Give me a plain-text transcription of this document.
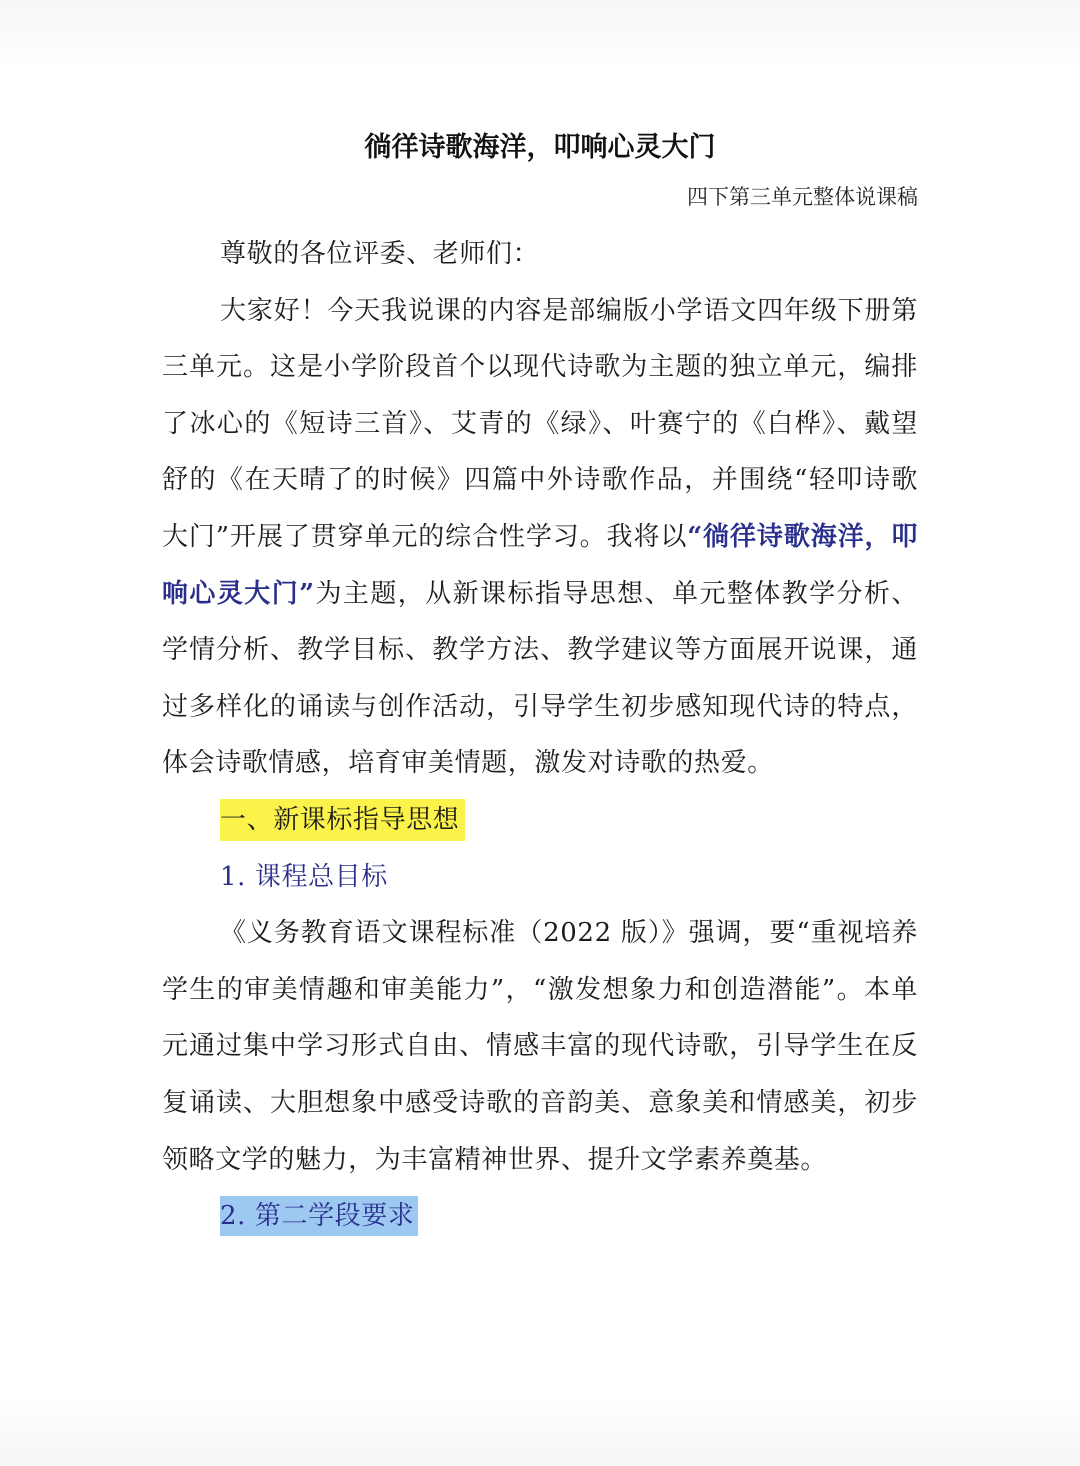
徜徉诗歌海洋，叩响心灵大门
四下第三单元整体说课稿

尊敬的各位评委、老师们：

大家好！今天我说课的内容是部编版小学语文四年级下册第三单元。这是小学阶段首个以现代诗歌为主题的独立单元，编排了冰心的《短诗三首》、艾青的《绿》、叶赛宁的《白桦》、戴望舒的《在天晴了的时候》四篇中外诗歌作品，并围绕“轻叩诗歌大门”开展了贯穿单元的综合性学习。我将以“徜徉诗歌海洋，叩响心灵大门”为主题，从新课标指导思想、单元整体教学分析、学情分析、教学目标、教学方法、教学建议等方面展开说课，通过多样化的诵读与创作活动，引导学生初步感知现代诗的特点，体会诗歌情感，培育审美情题，激发对诗歌的热爱。

一、新课标指导思想
1. 课程总目标

《义务教育语文课程标准（2022 版）》强调，要“重视培养学生的审美情趣和审美能力”，“激发想象力和创造潜能”。本单元通过集中学习形式自由、情感丰富的现代诗歌，引导学生在反复诵读、大胆想象中感受诗歌的音韵美、意象美和情感美，初步领略文学的魅力，为丰富精神世界、提升文学素养奠基。

2. 第二学段要求
